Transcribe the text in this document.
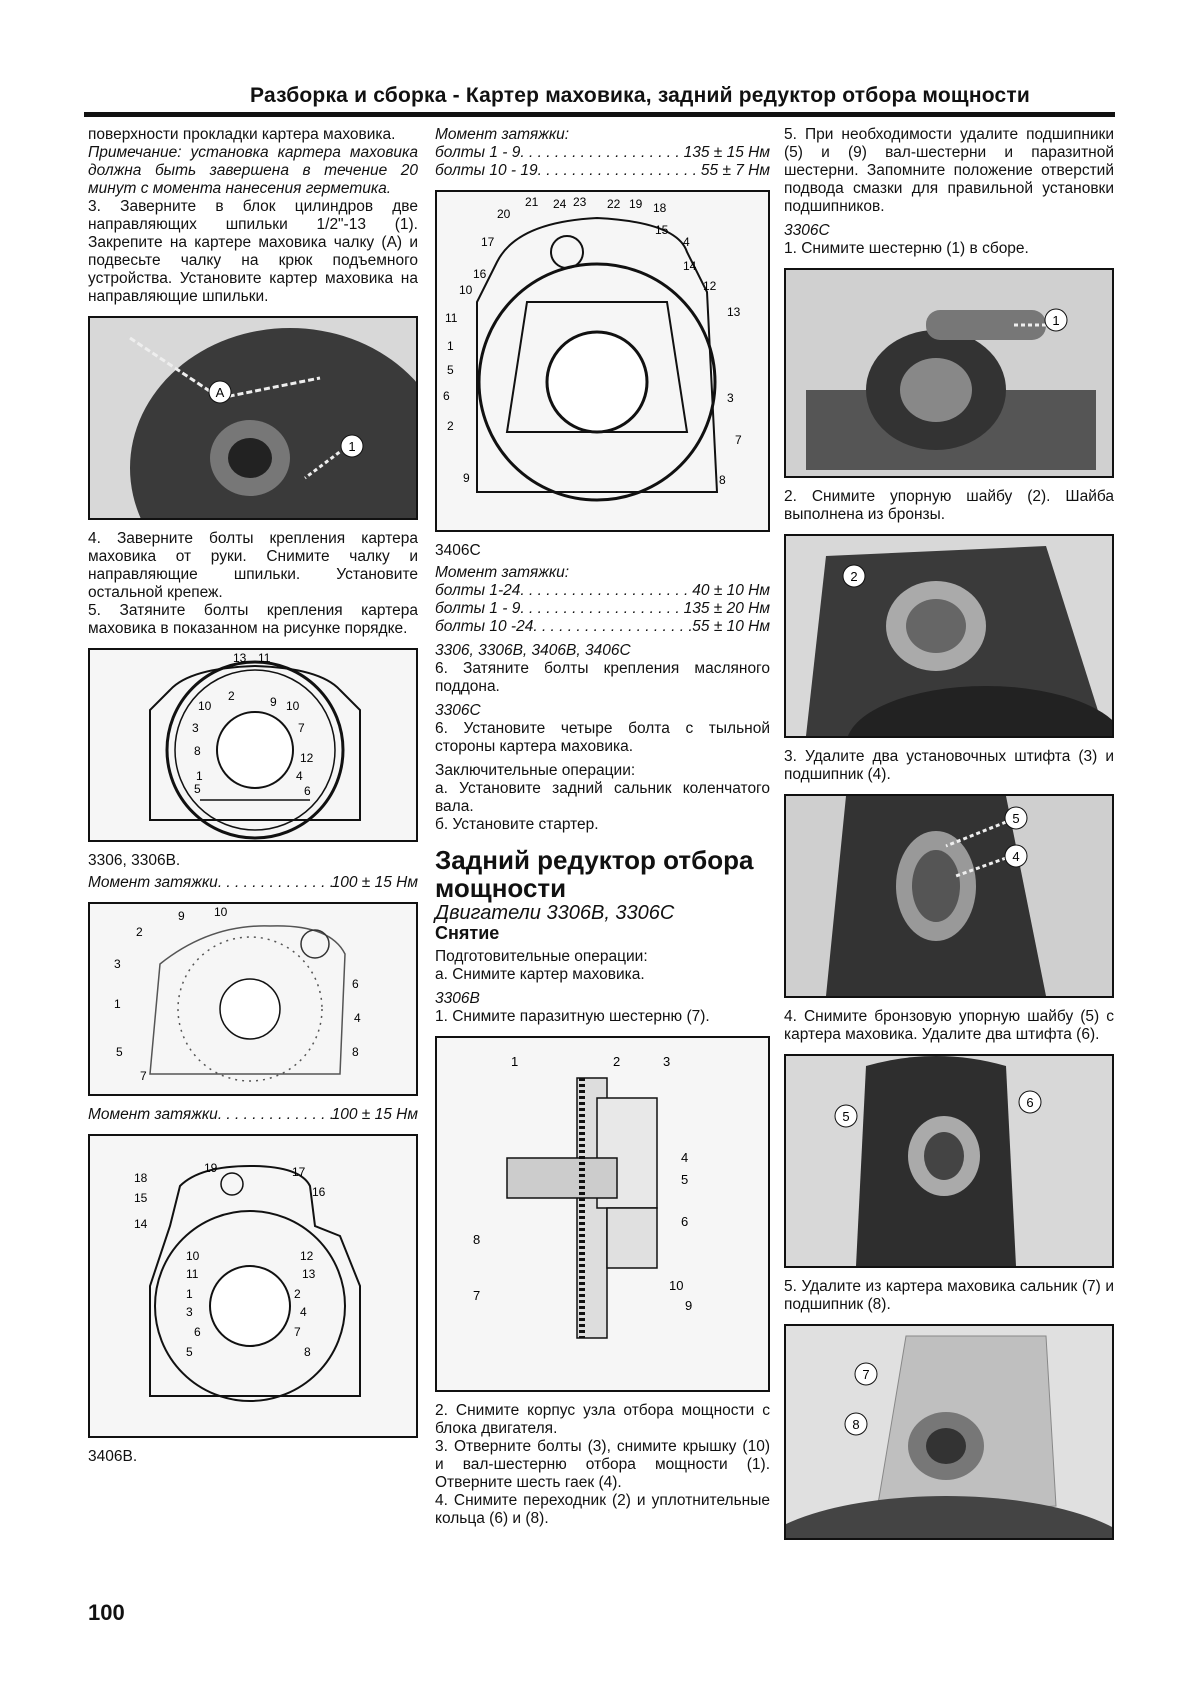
Разборка и сборка - Картер маховика, задний редуктор отбора мощности

поверхности прокладки картера маховика.

Примечание: установка картера маховика должна быть завершена в течение 20 минут с момента нанесения герметика.

3. Заверните в блок цилиндров две направляющих шпильки 1/2"-13 (1). Закрепите на картере маховика чалку (А) и подвесьте чалку на крюк подъемного устройства. Установите картер маховика на направляющие шпильки.

A
1

4. Заверните болты крепления картера маховика от руки. Снимите чалку и направляющие шпильки. Установите остальной крепеж.

5. Затяните болты крепления картера маховика в показанном на рисунке порядке.

13 11
10
2	9
3	7
12
1	4
5	6
8
10
3306, 3306В.
Момент затяжки . . .	100 ± 15 Нм
9 10
2
3
1
5
7
6
4
8
Момент затяжки . . .	100 ± 15 Нм
19	17
18
16
15
14
10	12
11	13
1	2
3	4
6	7
5	8
3406В.
Момент затяжки:
болты 1 - 9 . . .	135 ± 15 Нм
болты 10 - 19 . . .	55 ± 7 Нм
21 24 23 22 19 18
20
15
17	4
16
14
10	12
11	13
1
5
6	3
2
7
9	8
3406С
Момент затяжки:
болты 1-24 . . .	40 ± 10 Нм
болты 1 - 9 . . .	135 ± 20 Нм
болты 10 -24 . . .	55 ± 10 Нм

3306, 3306В, 3406В, 3406С

6. Затяните болты крепления масляного поддона.

3306С

6. Установите четыре болта с тыльной стороны картера маховика.

Заключительные операции:

а. Установите задний сальник коленчатого вала.

б. Установите стартер.

Задний редуктор отбора мощности
Двигатели 3306В, 3306С
Снятие

Подготовительные операции:

а. Снимите картер маховика.

3306В

1. Снимите паразитную шестерню (7).

1	2	3
4
5
6
8
10
7
9

2. Снимите корпус узла отбора мощности с блока двигателя.

3. Отверните болты (3), снимите крышку (10) и вал-шестерню отбора мощности (1). Отверните шесть гаек (4).

4. Снимите переходник (2) и уплотнительные кольца (6) и (8).

5. При необходимости удалите подшипники (5) и (9) вал-шестерни и паразитной шестерни. Запомните положение отверстий подвода смазки для правильной установки подшипников.

3306С

1. Снимите шестерню (1) в сборе.

1

2. Снимите упорную шайбу (2). Шайба выполнена из бронзы.

2

3. Удалите два установочных штифта (3) и подшипник (4).

5
4

4. Снимите бронзовую упорную шайбу (5) с картера маховика. Удалите два штифта (6).

5
6

5. Удалите из картера маховика сальник (7) и подшипник (8).

7
8
100
